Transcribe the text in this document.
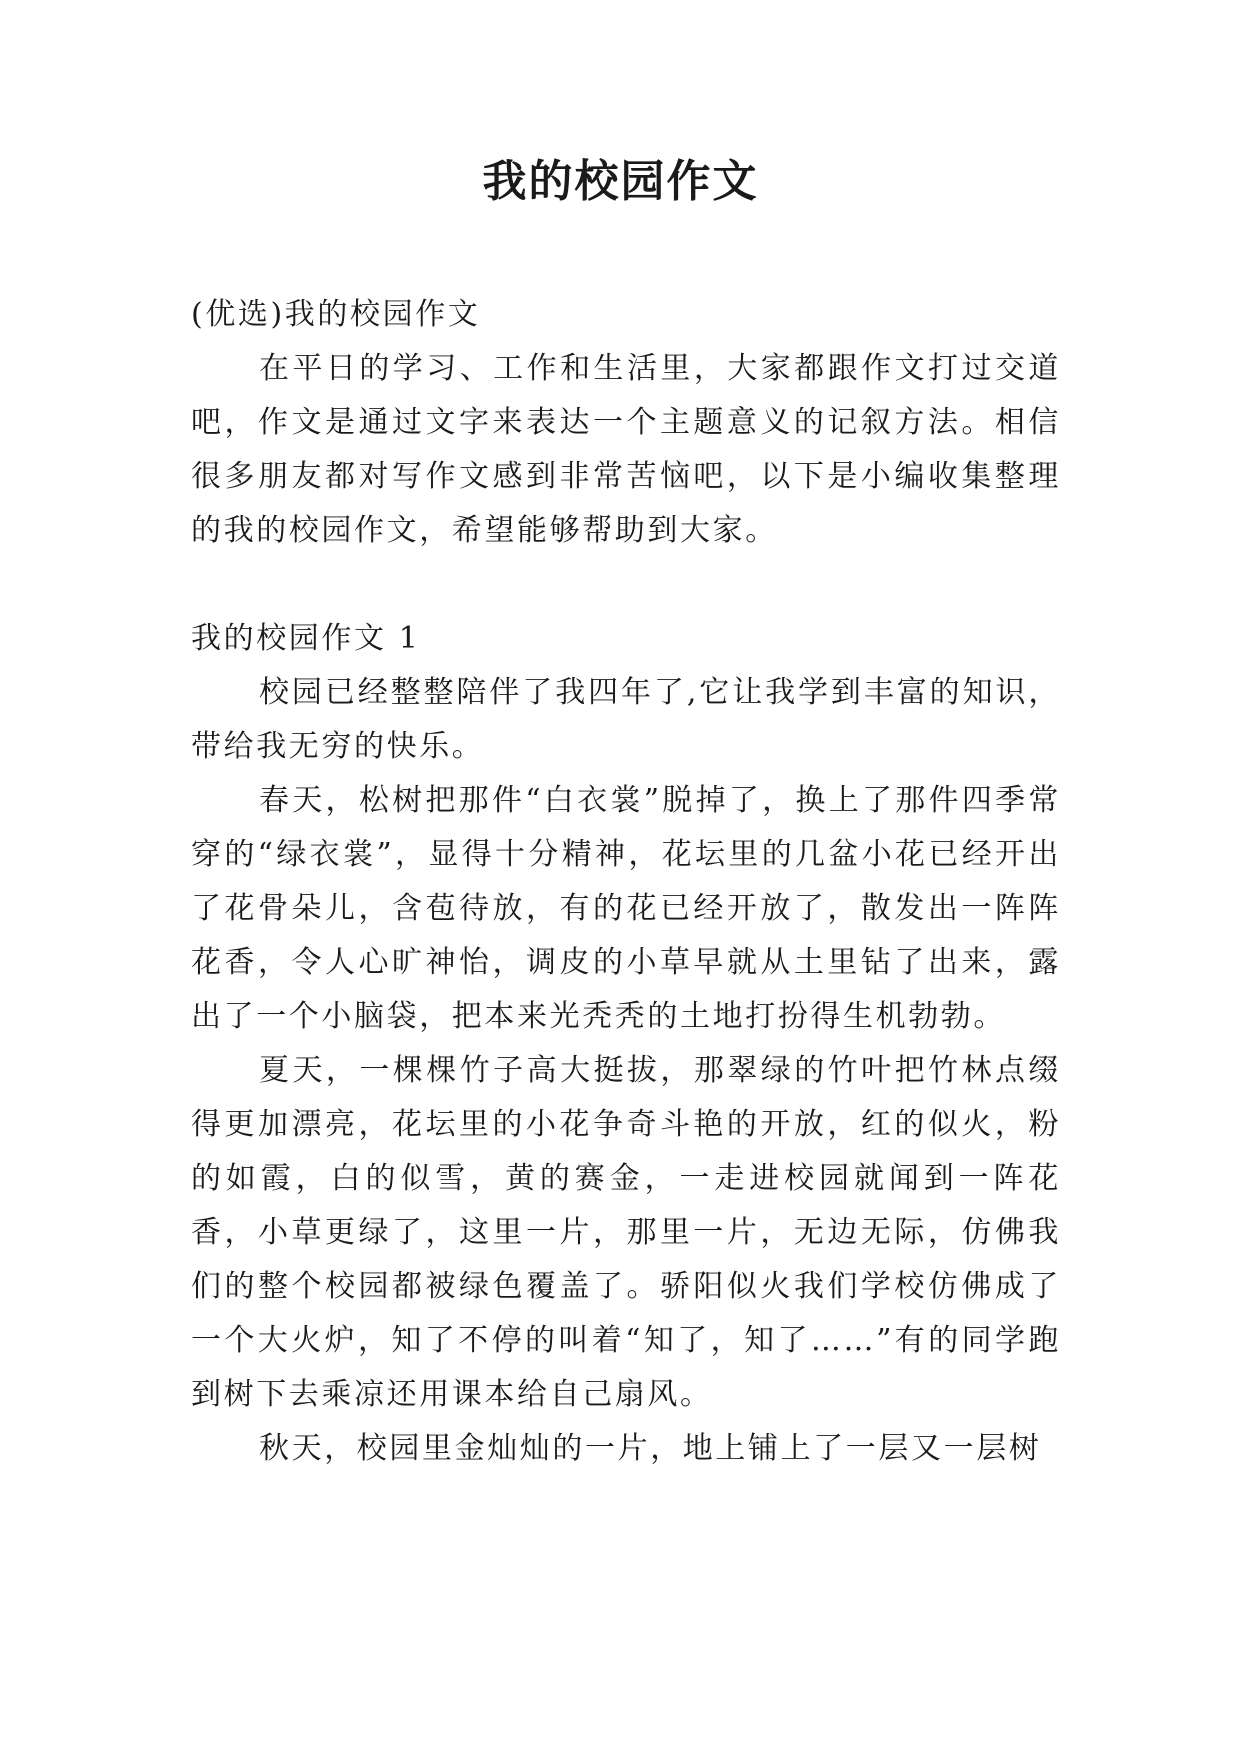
我的校园作文

(优选)我的校园作文

在平日的学习、工作和生活里，大家都跟作文打过交道吧，作文是通过文字来表达一个主题意义的记叙方法。相信很多朋友都对写作文感到非常苦恼吧，以下是小编收集整理的我的校园作文，希望能够帮助到大家。

我的校园作文 1

校园已经整整陪伴了我四年了,它让我学到丰富的知识，带给我无穷的快乐。

春天，松树把那件“白衣裳”脱掉了，换上了那件四季常穿的“绿衣裳”，显得十分精神，花坛里的几盆小花已经开出了花骨朵儿，含苞待放，有的花已经开放了，散发出一阵阵花香，令人心旷神怡，调皮的小草早就从土里钻了出来，露出了一个小脑袋，把本来光秃秃的土地打扮得生机勃勃。

夏天，一棵棵竹子高大挺拔，那翠绿的竹叶把竹林点缀得更加漂亮，花坛里的小花争奇斗艳的开放，红的似火，粉的如霞，白的似雪，黄的赛金，一走进校园就闻到一阵花香，小草更绿了，这里一片，那里一片，无边无际，仿佛我们的整个校园都被绿色覆盖了。骄阳似火我们学校仿佛成了一个大火炉，知了不停的叫着“知了，知了……”有的同学跑到树下去乘凉还用课本给自己扇风。

秋天，校园里金灿灿的一片，地上铺上了一层又一层树
